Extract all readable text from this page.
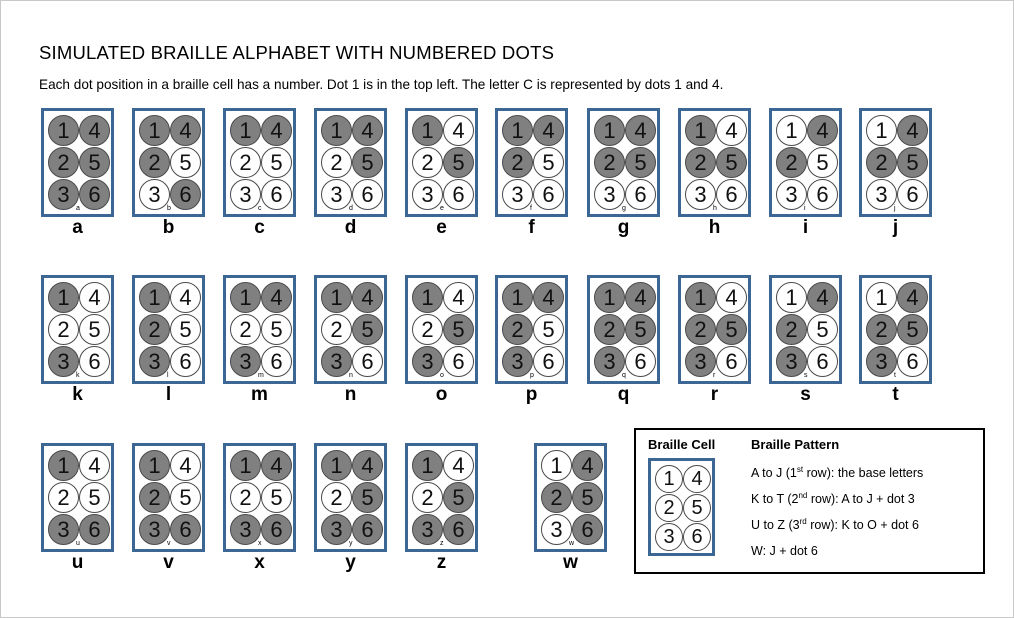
SIMULATED BRAILLE ALPHABET WITH NUMBERED DOTS
Each dot position in a braille cell has a number. Dot 1 is in the top left. The letter C is represented by dots 1 and 4.
1
2
3
4
5
6
a
a
1
2
3
4
5
6
b
b
1
2
3
4
5
6
c
c
1
2
3
4
5
6
d
d
1
2
3
4
5
6
e
e
1
2
3
4
5
6
f
f
1
2
3
4
5
6
g
g
1
2
3
4
5
6
h
h
1
2
3
4
5
6
i
i
1
2
3
4
5
6
j
j
1
2
3
4
5
6
k
k
1
2
3
4
5
6
l
l
1
2
3
4
5
6
m
m
1
2
3
4
5
6
n
n
1
2
3
4
5
6
o
o
1
2
3
4
5
6
p
p
1
2
3
4
5
6
q
q
1
2
3
4
5
6
r
r
1
2
3
4
5
6
s
s
1
2
3
4
5
6
t
t
1
2
3
4
5
6
u
u
1
2
3
4
5
6
v
v
1
2
3
4
5
6
x
x
1
2
3
4
5
6
y
y
1
2
3
4
5
6
z
z
1
2
3
4
5
6
w
w
Braille Cell	Braille Pattern
1
2
3
4
5
6
A to J (1st row): the base letters
K to T (2nd row): A to J + dot 3
U to Z (3rd row): K to O + dot 6
W: J + dot 6
